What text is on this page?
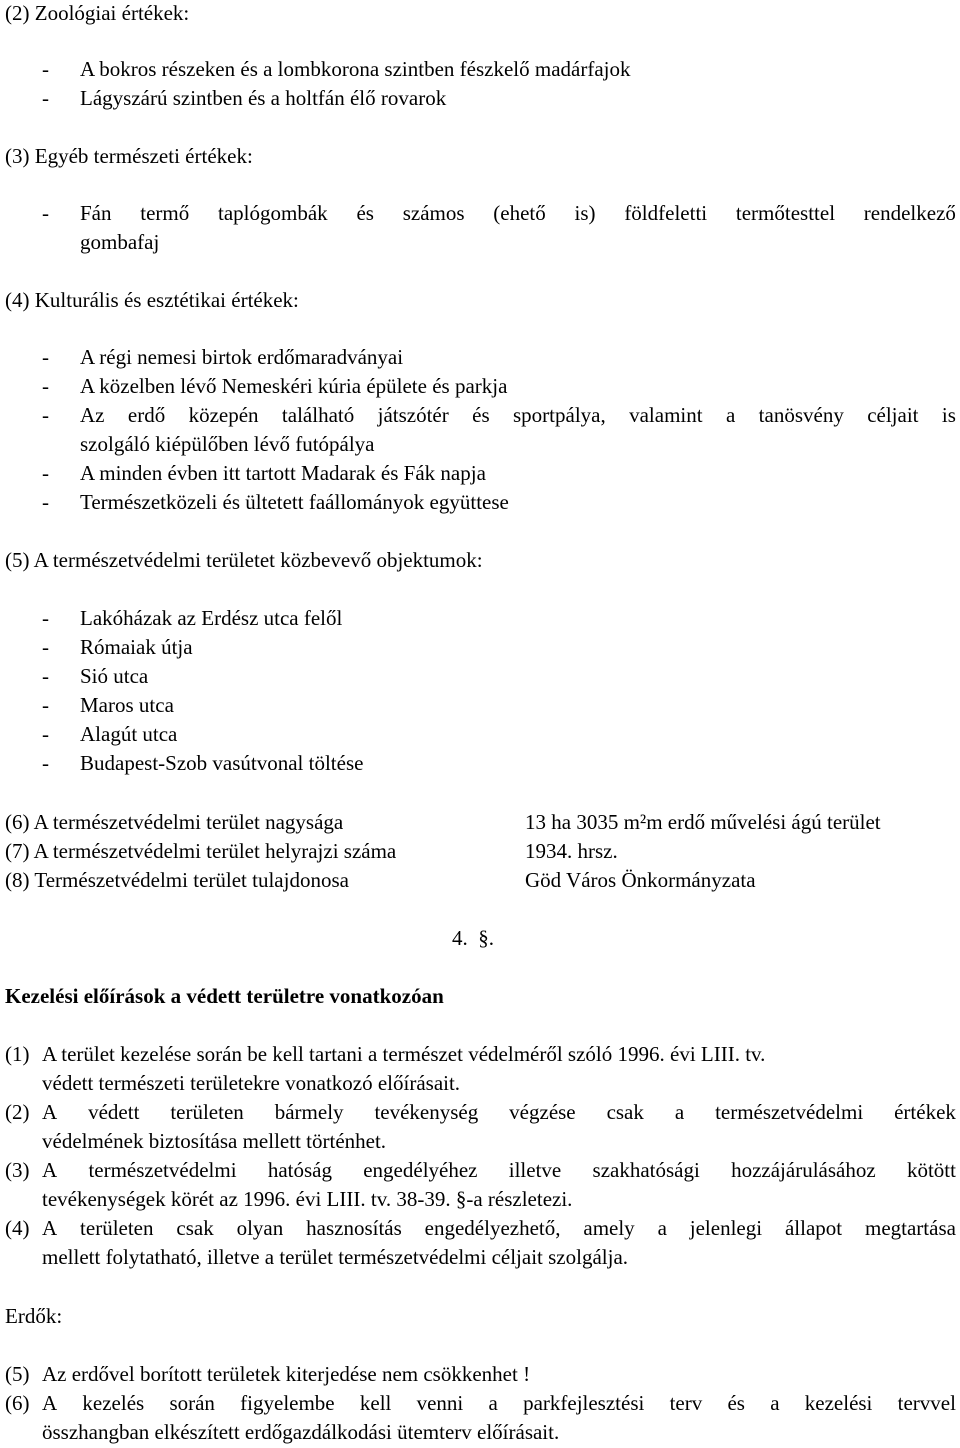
(2) Zoológiai értékek:

- A bokros részeken és a lombkorona szintben fészkelő madárfajok

- Lágyszárú szintben és a holtfán élő rovarok

(3) Egyéb természeti értékek:

- Fán termő taplógombák és számos (ehető is) földfeletti termőtesttel rendelkező

gombafaj

(4) Kulturális és esztétikai értékek:

- A régi nemesi birtok erdőmaradványai

- A közelben lévő Nemeskéri kúria épülete és parkja

- Az erdő közepén található játszótér és sportpálya, valamint a tanösvény céljait is

szolgáló kiépülőben lévő futópálya

- A minden évben itt tartott Madarak és Fák napja

- Természetközeli és ültetett faállományok együttese

(5) A természetvédelmi területet közbevevő objektumok:

- Lakóházak az Erdész utca felől

- Rómaiak útja

- Sió utca

- Maros utca

- Alagút utca

- Budapest-Szob vasútvonal töltése

(6) A természetvédelmi terület nagysága	13 ha 3035 m²m erdő művelési ágú terület

(7) A természetvédelmi terület helyrajzi száma	1934. hrsz.

(8) Természetvédelmi terület tulajdonosa	Göd Város Önkormányzata

4.  §.

Kezelési előírások a védett területre vonatkozóan

(1) A terület kezelése során be kell tartani a természet védelméről szóló 1996. évi LIII. tv.

védett természeti területekre vonatkozó előírásait.

(2) A védett területen bármely tevékenység végzése csak a természetvédelmi értékek

védelmének biztosítása mellett történhet.

(3) A természetvédelmi hatóság engedélyéhez illetve szakhatósági hozzájárulásához kötött

tevékenységek körét az 1996. évi LIII. tv. 38-39. §-a részletezi.

(4) A területen csak olyan hasznosítás engedélyezhető, amely a jelenlegi állapot megtartása

mellett folytatható, illetve a terület természetvédelmi céljait szolgálja.

Erdők:

(5) Az erdővel borított területek kiterjedése nem csökkenhet !

(6) A kezelés során figyelembe kell venni a parkfejlesztési terv és a kezelési tervvel

összhangban elkészített erdőgazdálkodási ütemterv előírásait.
